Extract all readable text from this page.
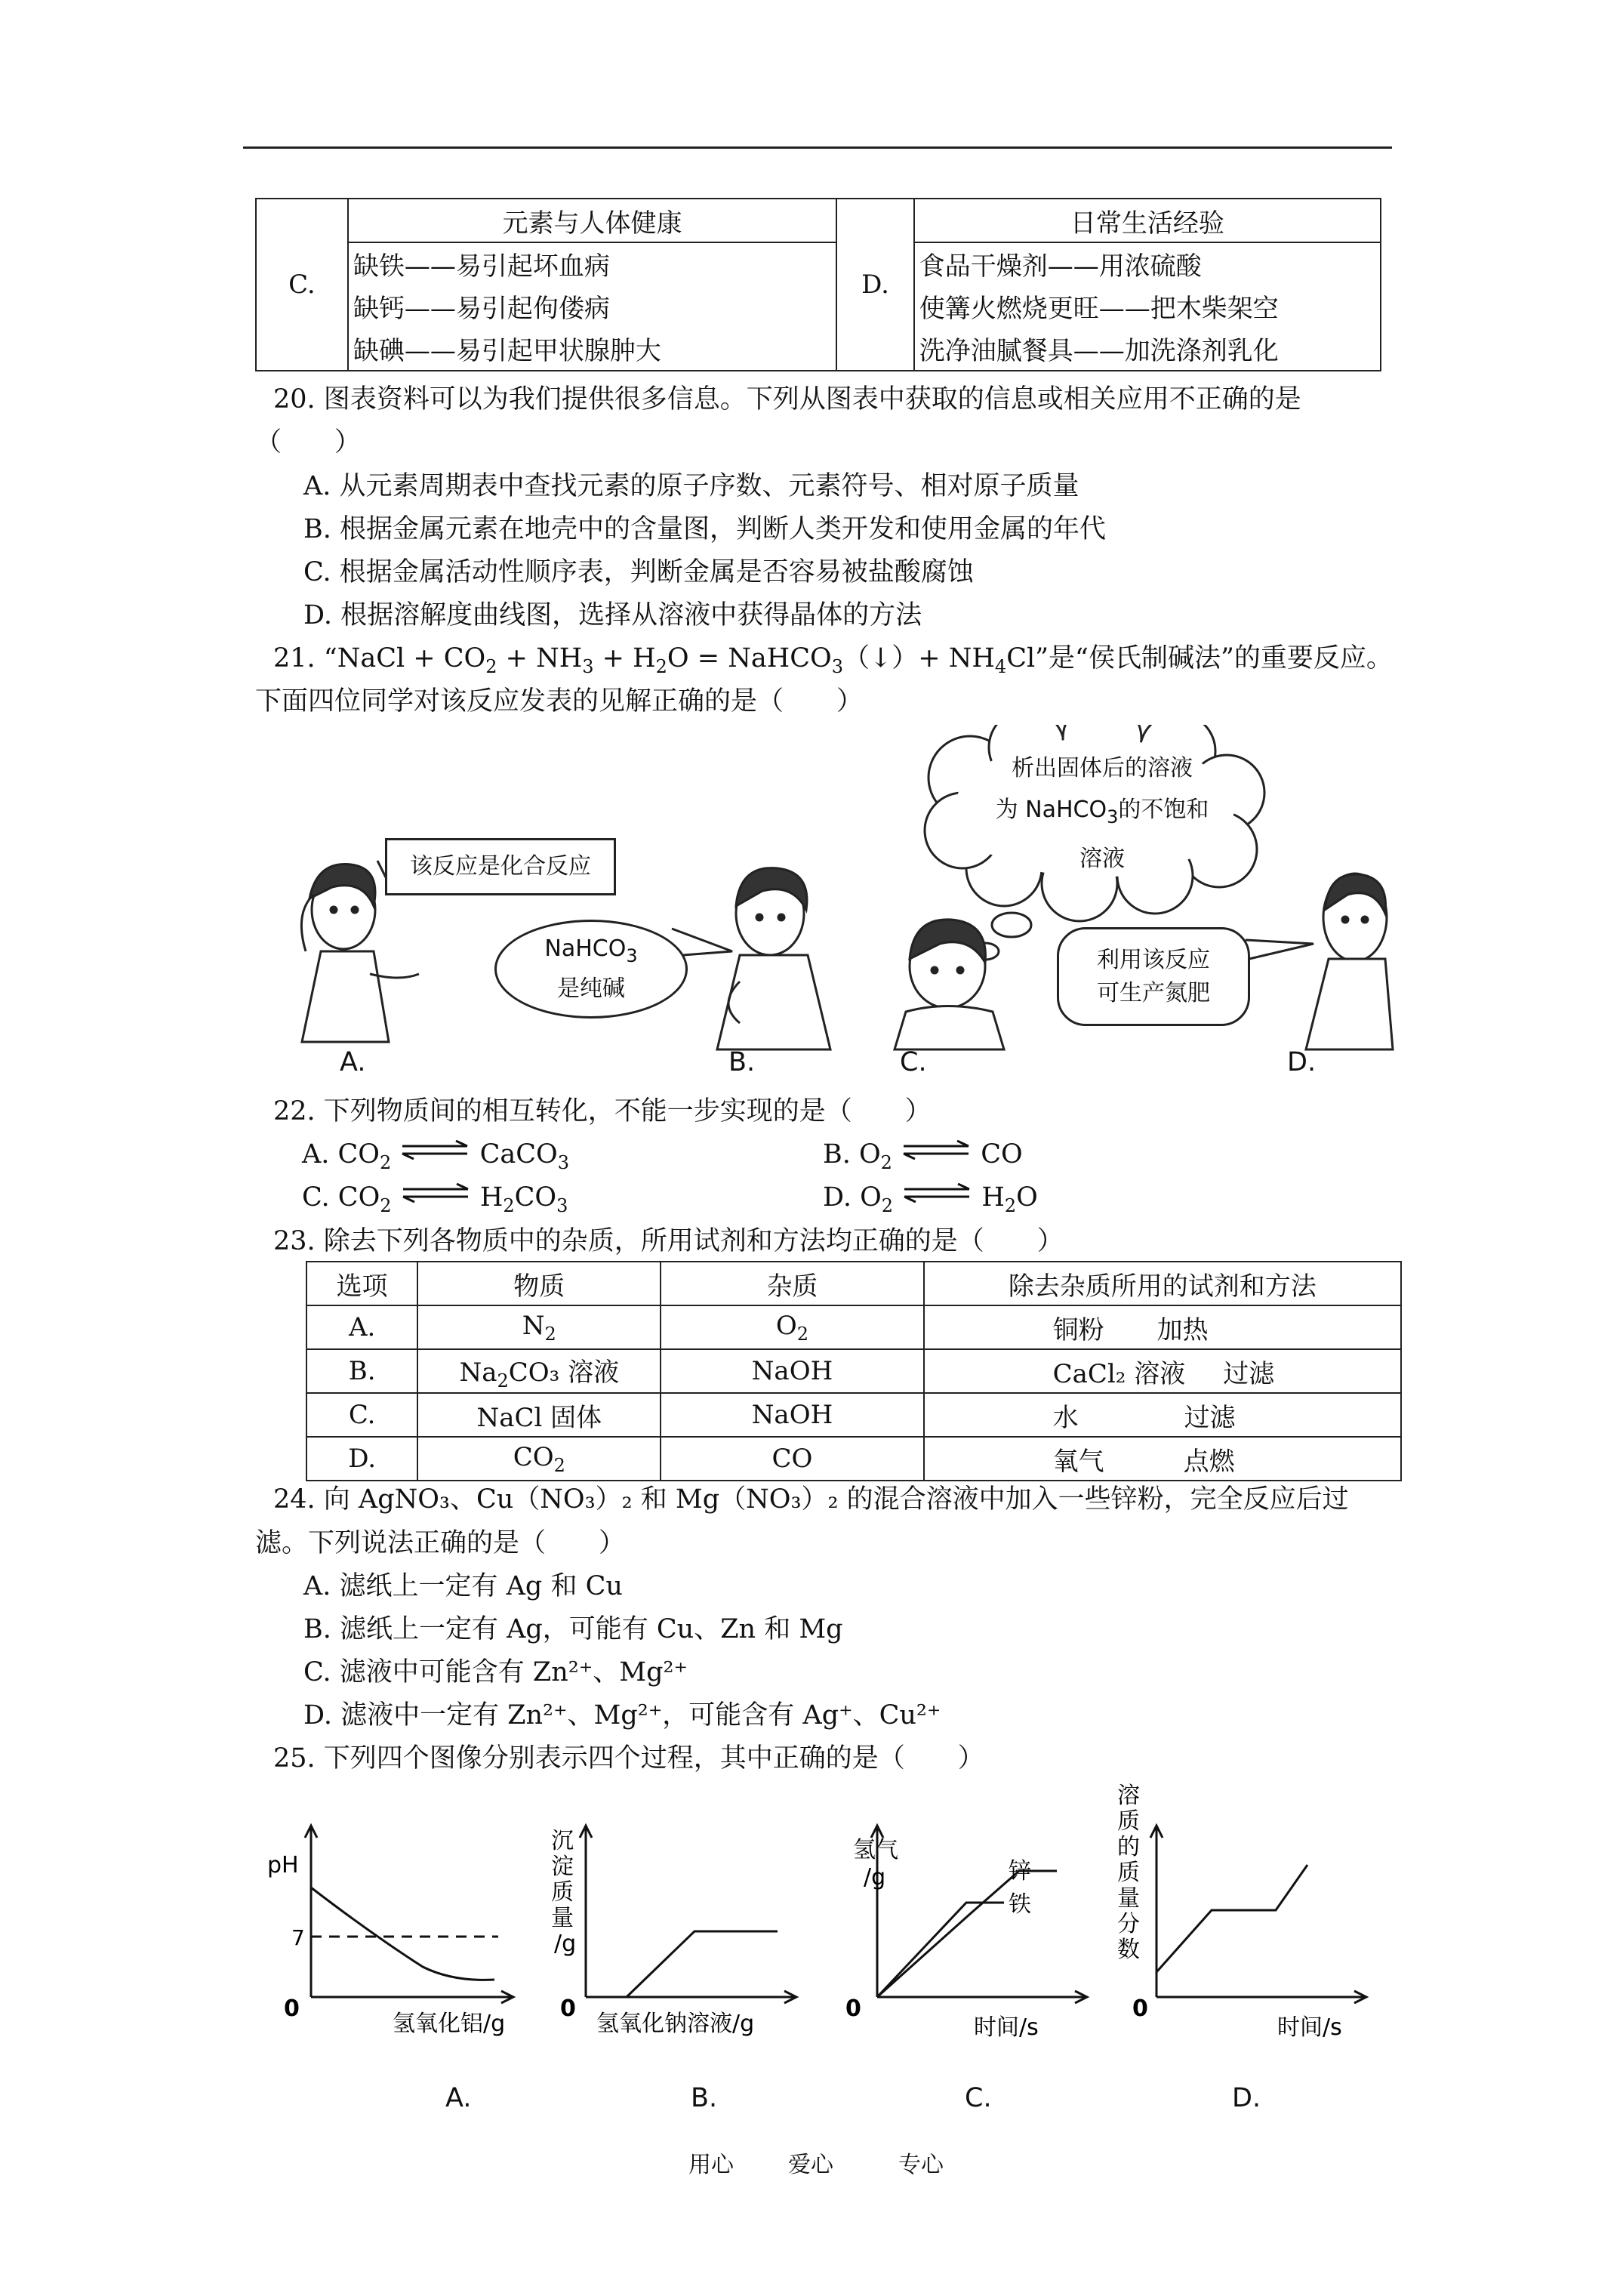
C.	元素与人体健康	D.	日常生活经验
	缺铁——易引起坏血病		食品干燥剂——用浓硫酸
	缺钙——易引起佝偻病		使篝火燃烧更旺——把木柴架空
	缺碘——易引起甲状腺肿大		洗净油腻餐具——加洗涤剂乳化
20. 图表资料可以为我们提供很多信息。下列从图表中获取的信息或相关应用不正确的是
（　　）
A. 从元素周期表中查找元素的原子序数、元素符号、相对原子质量
B. 根据金属元素在地壳中的含量图，判断人类开发和使用金属的年代
C. 根据金属活动性顺序表，判断金属是否容易被盐酸腐蚀
D. 根据溶解度曲线图，选择从溶液中获得晶体的方法
21. “NaCl + $CO_2 + NH_3 + H_2O$ = NaHCO$_3$（↓）+ $NH_4Cl$”是“侯氏制碱法”的重要反应。
下面四位同学对该反应发表的见解正确的是（　　）
该反应是化合反应
NaHCO$_3$
是纯碱
析出固体后的溶液
为 NaHCO$_3$的不饱和
溶液
利用该反应
可生产氮肥
A.	B.	C.	D.
22. 下列物质间的相互转化，不能一步实现的是（　　）
A. $CO_2$ ⇌ CaCO$_3$	B. $O_2$ ⇌ CO
C. $CO_2$ ⇌ $H_2CO_3$	D. $O_2$ ⇌ $H_2O$
23. 除去下列各物质中的杂质，所用试剂和方法均正确的是（　　）
选项	物质	杂质	除去杂质所用的试剂和方法
A.	$N_2$	$O_2$	铜粉 加热
B.	$Na_2CO_3$ 溶液	NaOH	CaCl₂ 溶液 过滤
C.	NaCl 固体	NaOH	水 过滤
D.	$CO_2$	CO	氧气 点燃
24. 向 AgNO₃、Cu（NO₃）₂ 和 Mg（NO₃）₂ 的混合溶液中加入一些锌粉，完全反应后过
滤。下列说法正确的是（　　）
A. 滤纸上一定有 Ag 和 Cu
B. 滤纸上一定有 Ag，可能有 Cu、Zn 和 Mg
C. 滤液中可能含有 Zn²⁺、Mg²⁺
D. 滤液中一定有 Zn²⁺、Mg²⁺，可能含有 Ag⁺、Cu²⁺
25. 下列四个图像分别表示四个过程，其中正确的是（　　）
pH
7
0
氢氧化铝/g
沉
淀
质
量
/g
0
氢氧化钠溶液/g
氢气
/g	锌
铁
0
时间/s
溶
质
的
质
量
分
数
0
时间/s
A.	B.	C.	D.
用心 爱心	专心
